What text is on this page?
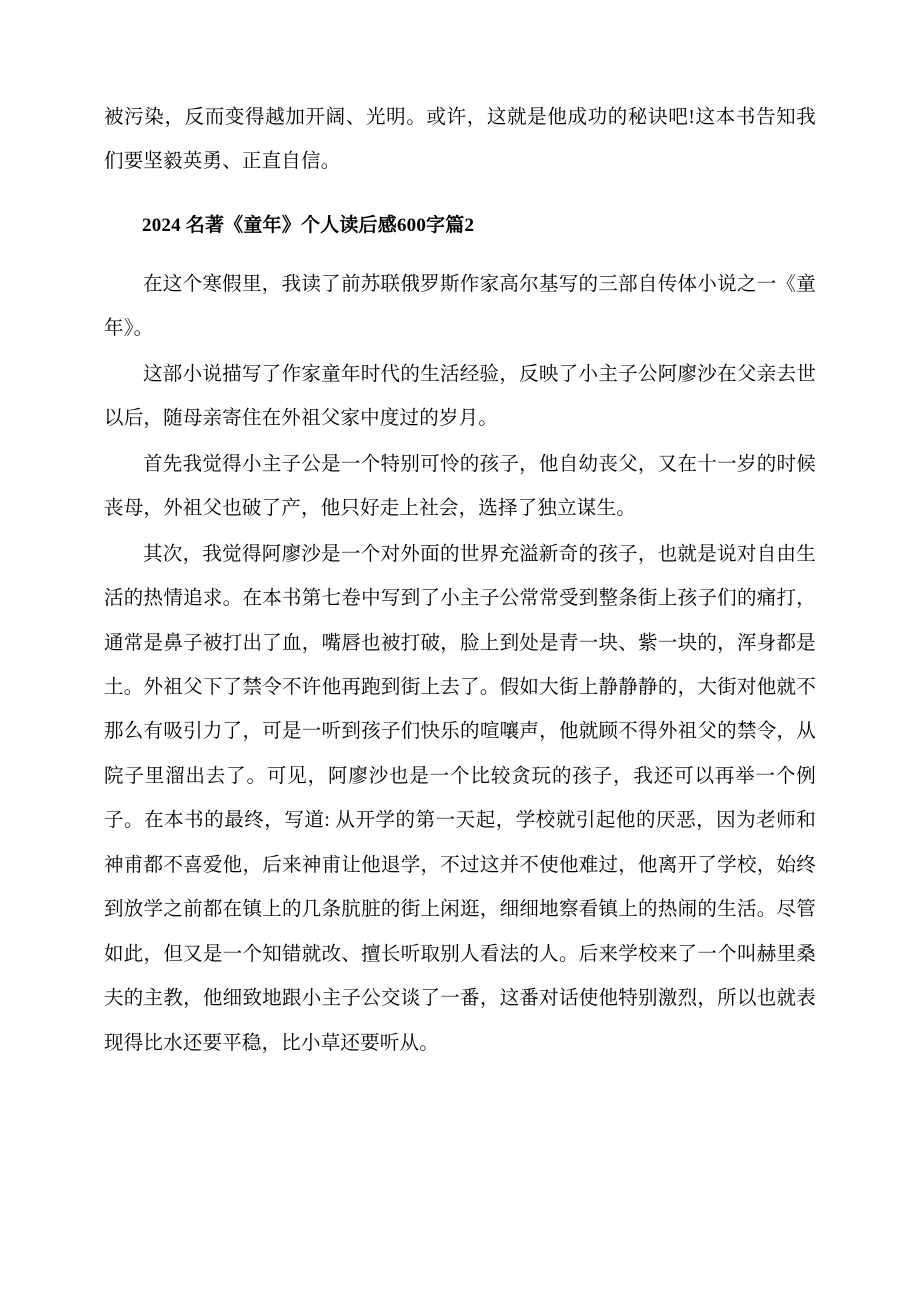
被污染，反而变得越加开阔、光明。或许，这就是他成功的秘诀吧!这本书告知我们要坚毅英勇、正直自信。

2024 名著《童年》个人读后感600字篇2

在这个寒假里，我读了前苏联俄罗斯作家高尔基写的三部自传体小说之一《童年》。

这部小说描写了作家童年时代的生活经验，反映了小主子公阿廖沙在父亲去世以后，随母亲寄住在外祖父家中度过的岁月。

首先我觉得小主子公是一个特别可怜的孩子，他自幼丧父，又在十一岁的时候丧母，外祖父也破了产，他只好走上社会，选择了独立谋生。

其次，我觉得阿廖沙是一个对外面的世界充溢新奇的孩子，也就是说对自由生活的热情追求。在本书第七卷中写到了小主子公常常受到整条街上孩子们的痛打，通常是鼻子被打出了血，嘴唇也被打破，脸上到处是青一块、紫一块的，浑身都是土。外祖父下了禁令不许他再跑到街上去了。假如大街上静静静的，大街对他就不那么有吸引力了，可是一听到孩子们快乐的喧嚷声，他就顾不得外祖父的禁令，从院子里溜出去了。可见，阿廖沙也是一个比较贪玩的孩子，我还可以再举一个例子。在本书的最终，写道: 从开学的第一天起，学校就引起他的厌恶，因为老师和神甫都不喜爱他，后来神甫让他退学，不过这并不使他难过，他离开了学校，始终到放学之前都在镇上的几条肮脏的街上闲逛，细细地察看镇上的热闹的生活。尽管如此，但又是一个知错就改、擅长听取别人看法的人。后来学校来了一个叫赫里桑夫的主教，他细致地跟小主子公交谈了一番，这番对话使他特别激烈，所以也就表现得比水还要平稳，比小草还要听从。
